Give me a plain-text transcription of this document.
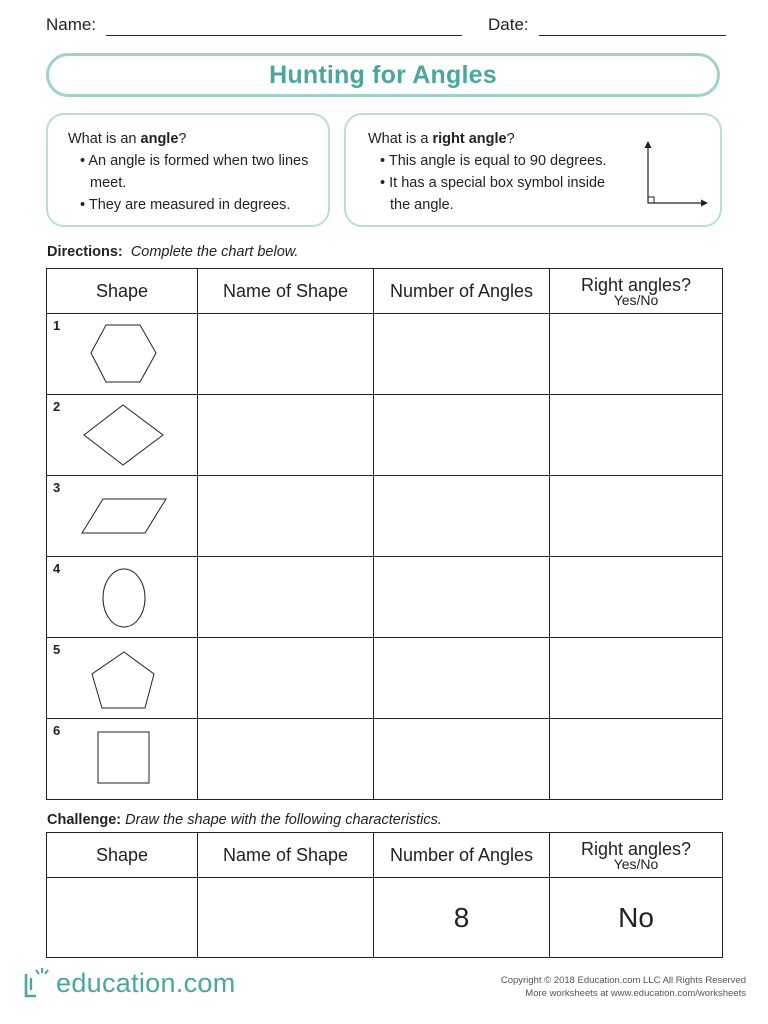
Name:	Date:
Hunting for Angles
What is an angle?
• An angle is formed when two lines meet.
• They are measured in degrees.
What is a right angle?
• This angle is equal to 90 degrees.
• It has a special box symbol inside the angle.
Directions: Complete the chart below.
Shape	Name of Shape	Number of Angles	Right angles?
Yes/No

1			

2			

3			

4			

5			

6			

Challenge: Draw the shape with the following characteristics.
Shape	Name of Shape	Number of Angles	Right angles?
Yes/No

		8	No
education.com	Copyright © 2018 Education.com LLC All Rights Reserved
More worksheets at www.education.com/worksheets
